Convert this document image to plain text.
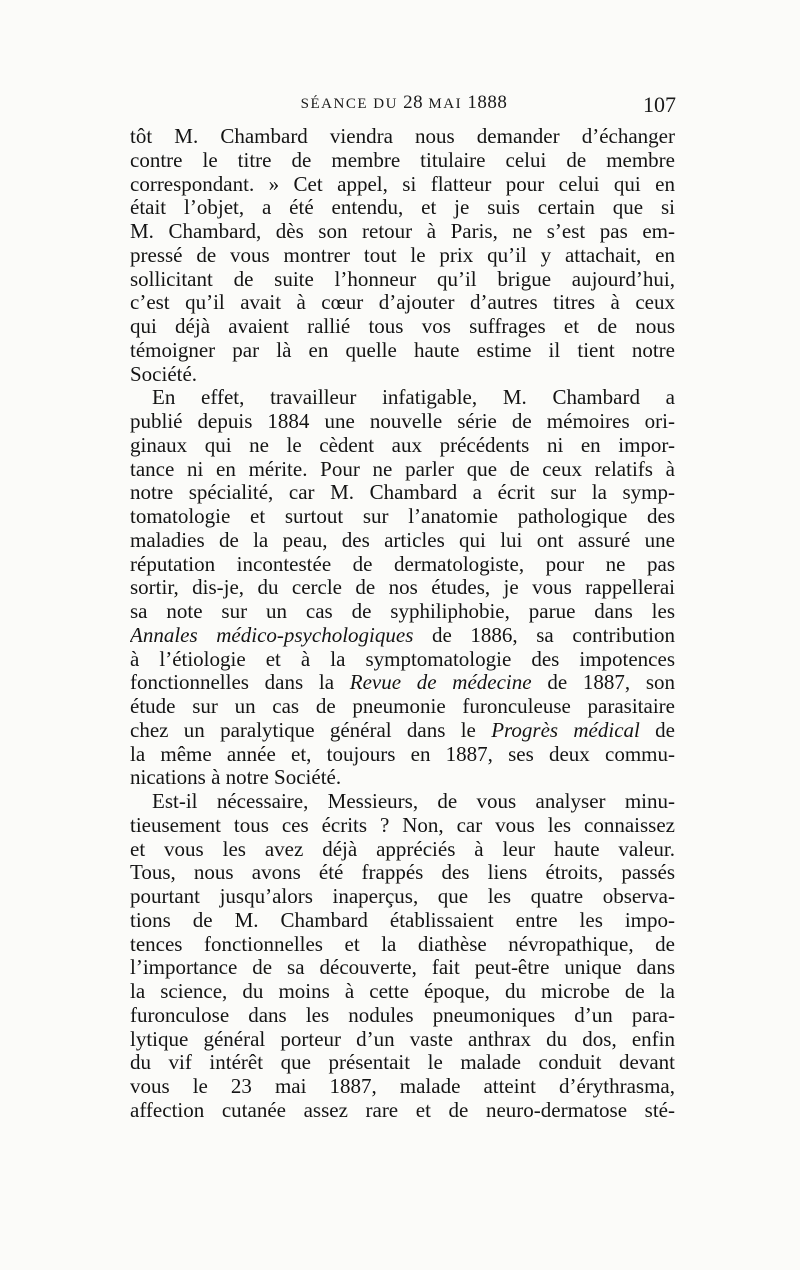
SÉANCE DU 28 MAI 1888	107
tôt M. Chambard viendra nous demander d’échanger
contre le titre de membre titulaire celui de membre
correspondant. » Cet appel, si flatteur pour celui qui en
était l’objet, a été entendu, et je suis certain que si
M. Chambard, dès son retour à Paris, ne s’est pas em-
pressé de vous montrer tout le prix qu’il y attachait, en
sollicitant de suite l’honneur qu’il brigue aujourd’hui,
c’est qu’il avait à cœur d’ajouter d’autres titres à ceux
qui déjà avaient rallié tous vos suffrages et de nous
témoigner par là en quelle haute estime il tient notre
Société.
En effet, travailleur infatigable, M. Chambard a
publié depuis 1884 une nouvelle série de mémoires ori-
ginaux qui ne le cèdent aux précédents ni en impor-
tance ni en mérite. Pour ne parler que de ceux relatifs à
notre spécialité, car M. Chambard a écrit sur la symp-
tomatologie et surtout sur l’anatomie pathologique des
maladies de la peau, des articles qui lui ont assuré une
réputation incontestée de dermatologiste, pour ne pas
sortir, dis-je, du cercle de nos études, je vous rappellerai
sa note sur un cas de syphiliphobie, parue dans les
Annales médico-psychologiques de 1886, sa contribution
à l’étiologie et à la symptomatologie des impotences
fonctionnelles dans la Revue de médecine de 1887, son
étude sur un cas de pneumonie furonculeuse parasitaire
chez un paralytique général dans le Progrès médical de
la même année et, toujours en 1887, ses deux commu-
nications à notre Société.
Est-il nécessaire, Messieurs, de vous analyser minu-
tieusement tous ces écrits ? Non, car vous les connaissez
et vous les avez déjà appréciés à leur haute valeur.
Tous, nous avons été frappés des liens étroits, passés
pourtant jusqu’alors inaperçus, que les quatre observa-
tions de M. Chambard établissaient entre les impo-
tences fonctionnelles et la diathèse névropathique, de
l’importance de sa découverte, fait peut-être unique dans
la science, du moins à cette époque, du microbe de la
furonculose dans les nodules pneumoniques d’un para-
lytique général porteur d’un vaste anthrax du dos, enfin
du vif intérêt que présentait le malade conduit devant
vous le 23 mai 1887, malade atteint d’érythrasma,
affection cutanée assez rare et de neuro-dermatose sté-
